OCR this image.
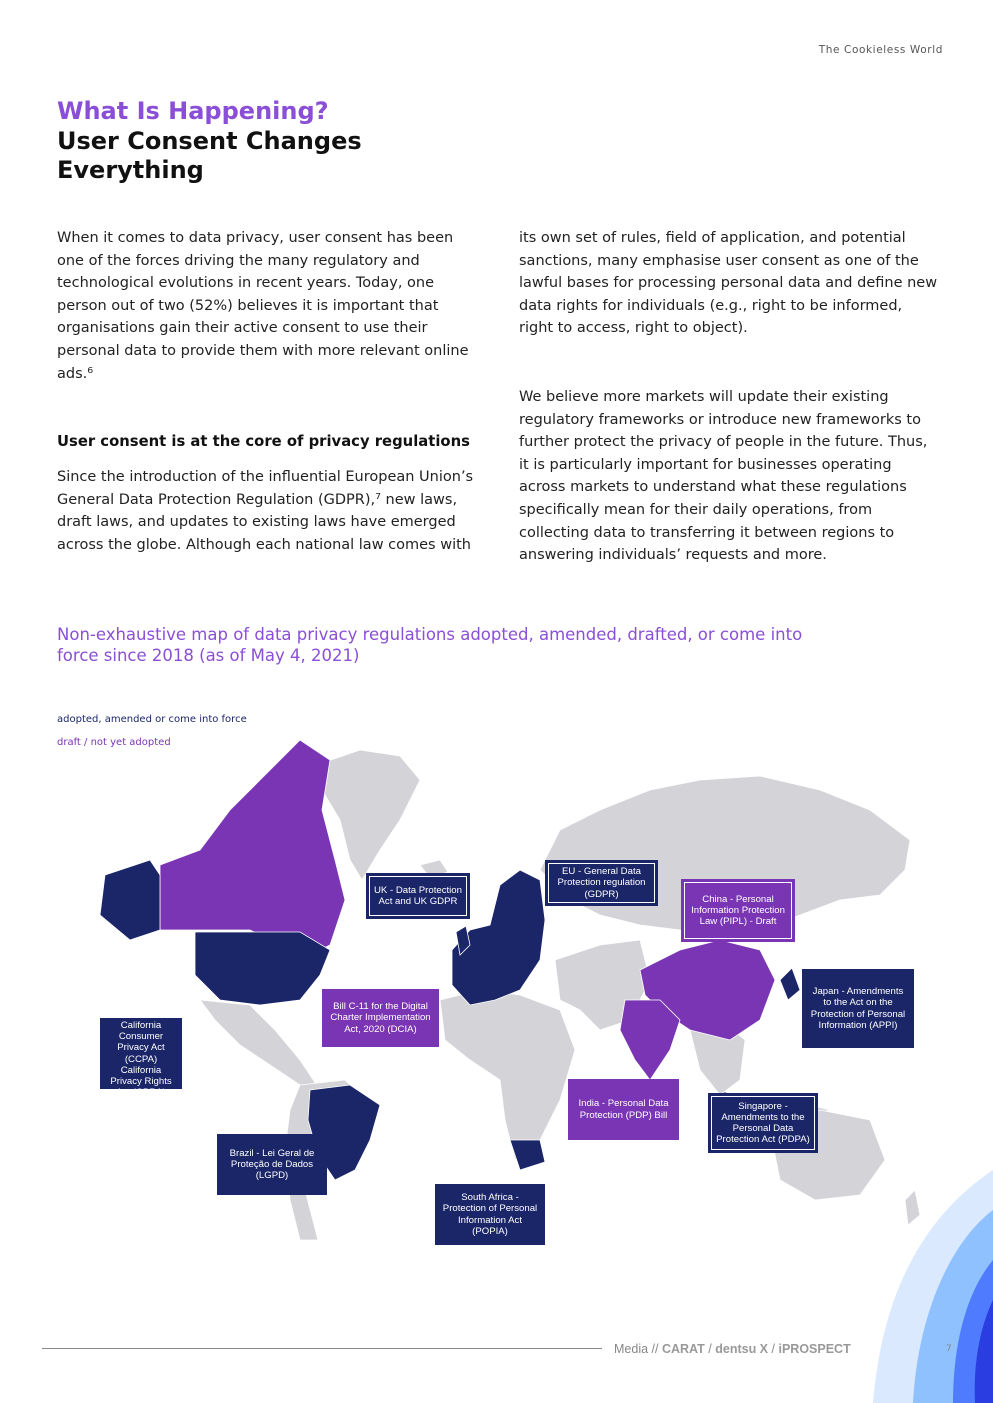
The Cookieless World
What Is Happening?
User Consent Changes Everything
When it comes to data privacy, user consent has been one of the forces driving the many regulatory and technological evolutions in recent years. Today, one person out of two (52%) believes it is important that organisations gain their active consent to use their personal data to provide them with more relevant online ads.⁶
User consent is at the core of privacy regulations
Since the introduction of the influential European Union’s General Data Protection Regulation (GDPR),⁷ new laws, draft laws, and updates to existing laws have emerged across the globe. Although each national law comes with
its own set of rules, field of application, and potential sanctions, many emphasise user consent as one of the lawful bases for processing personal data and define new data rights for individuals (e.g., right to be informed, right to access, right to object).
We believe more markets will update their existing regulatory frameworks or introduce new frameworks to further protect the privacy of people in the future. Thus, it is particularly important for businesses operating across markets to understand what these regulations specifically mean for their daily operations, from collecting data to transferring it between regions to answering individuals’ requests and more.
Non-exhaustive map of data privacy regulations adopted, amended, drafted, or come into force since 2018 (as of May 4, 2021)
adopted, amended or come into force
draft / not yet adopted
UK - Data Protection Act and UK GDPR
EU - General Data Protection regulation (GDPR)	China - Personal Information Protection Law (PIPL) - Draft
Bill C-11 for the Digital Charter Implementation Act, 2020 (DCIA)
Japan - Amendments to the Act on the Protection of Personal Information (APPI)
USA - California Consumer Privacy Act (CCPA) California Privacy Rights Act (CPRA)
India - Personal Data Protection (PDP) Bill
Singapore - Amendments to the Personal Data Protection Act (PDPA)
Brazil - Lei Geral de Proteção de Dados (LGPD)
South Africa - Protection of Personal Information Act (POPIA)
Media // CARAT / dentsu X / iPROSPECT	7
